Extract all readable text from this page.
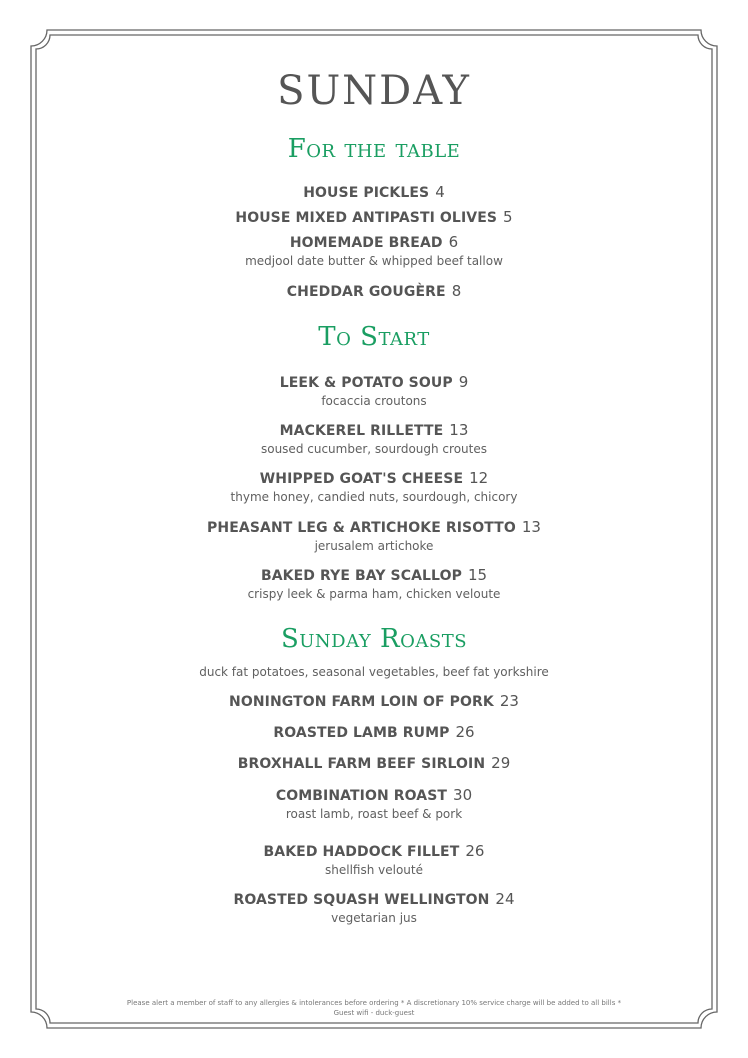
SUNDAY
For the table
HOUSE PICKLES 4
HOUSE MIXED ANTIPASTI OLIVES 5
HOMEMADE BREAD 6
medjool date butter & whipped beef tallow
CHEDDAR GOUGÈRE 8
To Start
LEEK & POTATO SOUP 9
focaccia croutons
MACKEREL RILLETTE 13
soused cucumber, sourdough croutes
WHIPPED GOAT'S CHEESE 12
thyme honey, candied nuts, sourdough, chicory
PHEASANT LEG & ARTICHOKE RISOTTO 13
jerusalem artichoke
BAKED RYE BAY SCALLOP 15
crispy leek & parma ham, chicken veloute
Sunday Roasts
duck fat potatoes, seasonal vegetables, beef fat yorkshire
NONINGTON FARM LOIN OF PORK 23
ROASTED LAMB RUMP 26
BROXHALL FARM BEEF SIRLOIN 29
COMBINATION ROAST 30
roast lamb, roast beef & pork
BAKED HADDOCK FILLET 26
shellfish velouté
ROASTED SQUASH WELLINGTON 24
vegetarian jus
Please alert a member of staff to any allergies & intolerances before ordering * A discretionary 10% service charge will be added to all bills *
Guest wifi - duck-guest
